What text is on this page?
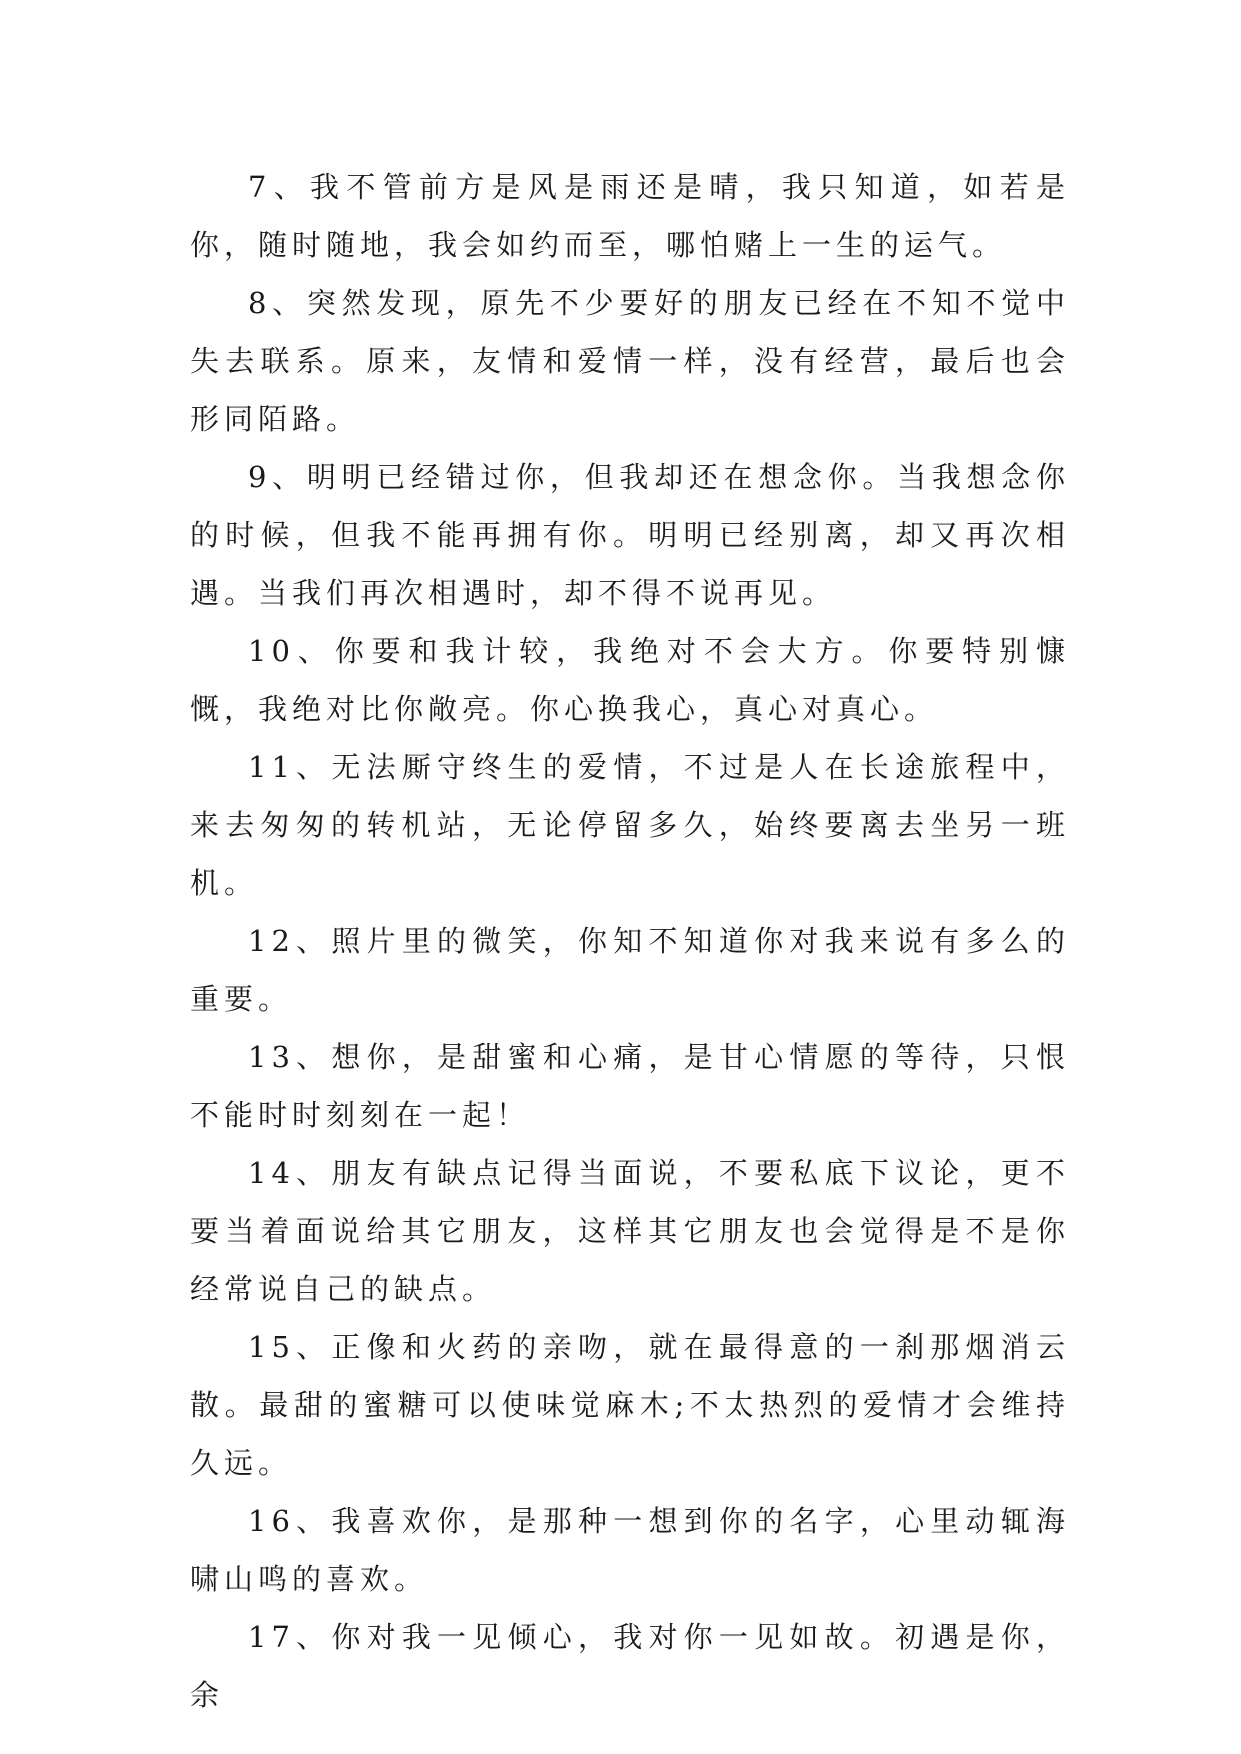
7、我不管前方是风是雨还是晴，我只知道，如若是你，随时随地，我会如约而至，哪怕赌上一生的运气。

8、突然发现，原先不少要好的朋友已经在不知不觉中失去联系。原来，友情和爱情一样，没有经营，最后也会形同陌路。

9、明明已经错过你，但我却还在想念你。当我想念你的时候，但我不能再拥有你。明明已经别离，却又再次相遇。当我们再次相遇时，却不得不说再见。

10、你要和我计较，我绝对不会大方。你要特别慷慨，我绝对比你敞亮。你心换我心，真心对真心。

11、无法厮守终生的爱情，不过是人在长途旅程中，来去匆匆的转机站，无论停留多久，始终要离去坐另一班机。

12、照片里的微笑，你知不知道你对我来说有多么的重要。

13、想你，是甜蜜和心痛，是甘心情愿的等待，只恨不能时时刻刻在一起！

14、朋友有缺点记得当面说，不要私底下议论，更不要当着面说给其它朋友，这样其它朋友也会觉得是不是你经常说自己的缺点。

15、正像和火药的亲吻，就在最得意的一刹那烟消云散。最甜的蜜糖可以使味觉麻木;不太热烈的爱情才会维持久远。

16、我喜欢你，是那种一想到你的名字，心里动辄海啸山鸣的喜欢。

17、你对我一见倾心，我对你一见如故。初遇是你，余
